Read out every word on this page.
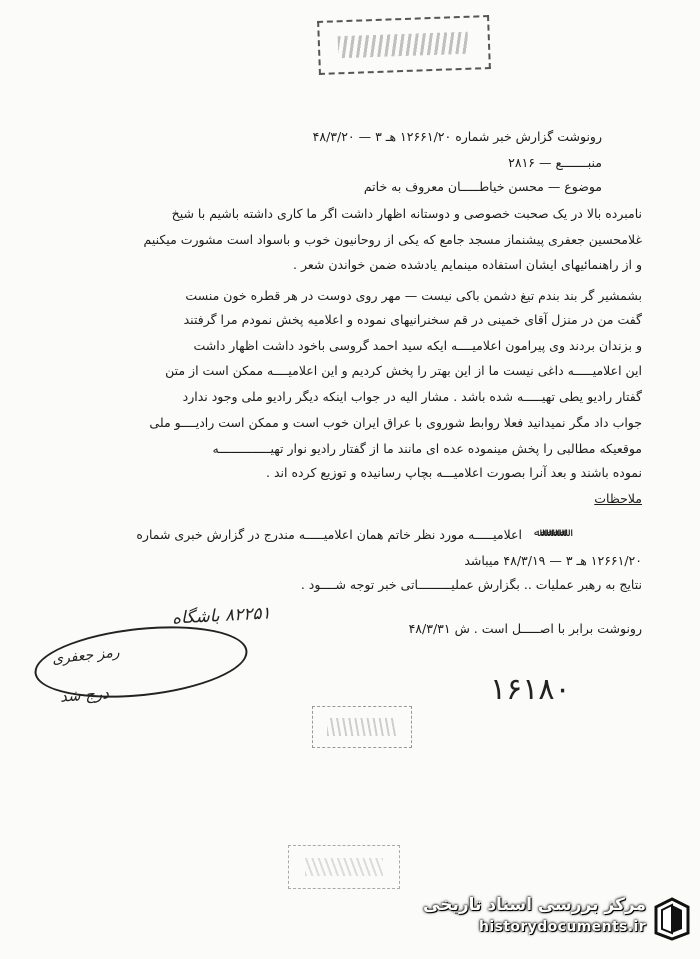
رونوشت گزارش خبر شماره ۱۲۶۶۱/۲۰ هـ ۳ — ۴۸/۳/۲۰
منبـــــــع — ۲۸۱۶
موضوع — محسن خیاطـــــان معروف به خاتم
نامبرده بالا در یک صحبت خصوصی و دوستانه اظهار داشت اگر ما کاری داشته باشیم با شیخ
غلامحسین جعفری پیشنماز مسجد جامع که یکی از روحانیون خوب و باسواد است مشورت میکنیم
و از راهنمائیهای ایشان استفاده مینمایم یادشده ضمن خواندن شعر .
بشمشیر گر بند بندم تیغ دشمن باکی نیست — مهر روی دوست در هر قطره خون منست
گفت من در منزل آقای خمینی در قم سخنرانیهای نموده و اعلامیه پخش نمودم مرا گرفتند
و بزندان بردند وی پیرامون اعلامیــــه ایکه سید احمد گروسی باخود داشت اظهار داشت
این اعلامیـــــه داغی نیست ما از این بهتر را پخش کردیم و این اعلامیــــه ممکن است از متن
گفتار رادیو یطی تهیـــــه شده باشد . مشار الیه در جواب اینکه دیگر رادیو ملی وجود ندارد
جواب داد مگر نمیدانید فعلا روابط شوروی با عراق ایران خوب است و ممکن است رادیــــو ملی
موقعیکه مطالبی را پخش مینموده عده ای مانند ما از گفتار رادیو نوار تهیــــــــــــــه
نموده باشند و بعد آنرا بصورت اعلامیـــه بچاپ رسانیده و توزیع کرده اند .
ملاحظات
اعلامیـــــه مورد نظر خاتم همان اعلامیـــــه مندرج در گزارش خبری شماره ﷲﷲﷲﷲﷲ
۱۲۶۶۱/۲۰ هـ ۳ — ۴۸/۳/۱۹ میباشد
نتایج به رهبر عملیات .. بگزارش عملیـــــــــاتی خبر توجه شــــود .
رونوشت برابر با اصـــــل است . ش ۴۸/۳/۳۱
۸۲۲۵۱ باشگاه
رمز جعفری
درج شد	۱۶۱۸۰
مرکز بررسی اسناد تاریخی
historydocuments.ir
